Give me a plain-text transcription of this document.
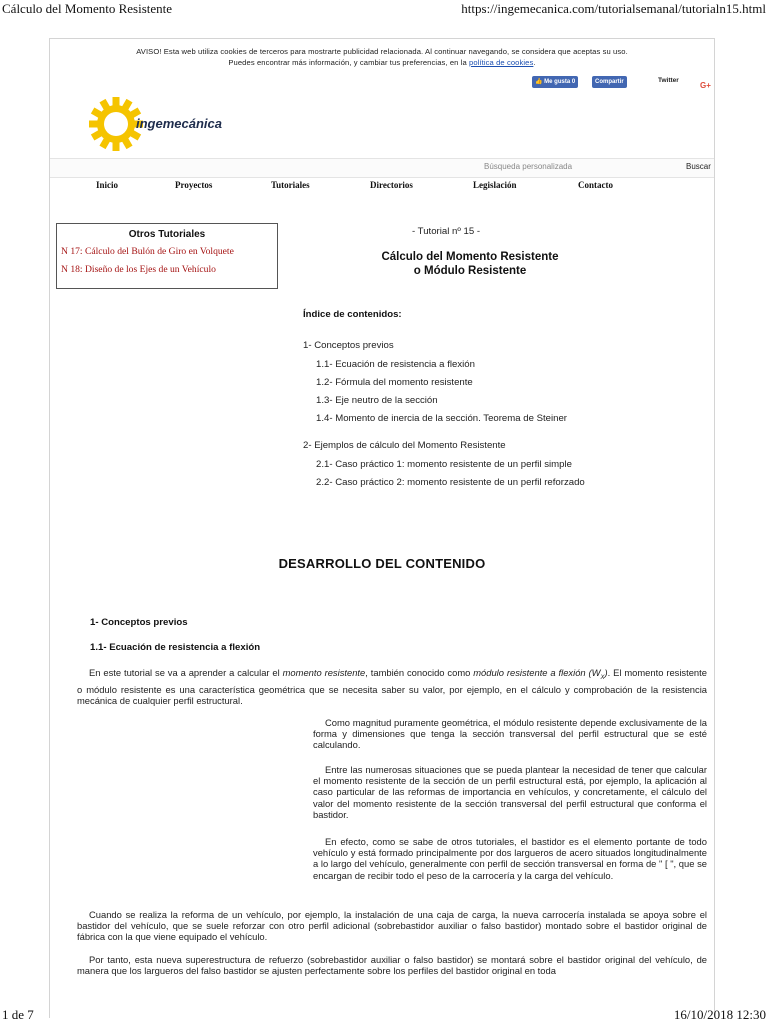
Cálculo del Momento Resistente	https://ingemecanica.com/tutorialsemanal/tutorialn15.html
AVISO! Esta web utiliza cookies de terceros para mostrarte publicidad relacionada. Al continuar navegando, se considera que aceptas su uso.
Puedes encontrar más información, y cambiar tus preferencias, en la política de cookies.
👍 Me gusta 0	Compartir	Twitter
G+
ingemecánica
Búsqueda personalizada	Buscar
Inicio	Proyectos	Tutoriales	Directorios	Legislación	Contacto
Otros Tutoriales
N 17: Cálculo del Bulón de Giro en Volquete
N 18: Diseño de los Ejes de un Vehículo
- Tutorial nº 15 -
Cálculo del Momento Resistente
o Módulo Resistente
Índice de contenidos:
1- Conceptos previos
1.1- Ecuación de resistencia a flexión
1.2- Fórmula del momento resistente
1.3- Eje neutro de la sección
1.4- Momento de inercia de la sección. Teorema de Steiner
2- Ejemplos de cálculo del Momento Resistente
2.1- Caso práctico 1: momento resistente de un perfil simple
2.2- Caso práctico 2: momento resistente de un perfil reforzado
DESARROLLO DEL CONTENIDO
1- Conceptos previos
1.1- Ecuación de resistencia a flexión

En este tutorial se va a aprender a calcular el momento resistente, también conocido como módulo resistente a flexión $(W_X)$. El momento resistente o módulo resistente es una característica geométrica que se necesita saber su valor, por ejemplo, en el cálculo y comprobación de la resistencia mecánica de cualquier perfil estructural.

Como magnitud puramente geométrica, el módulo resistente depende exclusivamente de la forma y dimensiones que tenga la sección transversal del perfil estructural que se esté calculando.

Entre las numerosas situaciones que se pueda plantear la necesidad de tener que calcular el momento resistente de la sección de un perfil estructural está, por ejemplo, la aplicación al caso particular de las reformas de importancia en vehículos, y concretamente, el cálculo del valor del momento resistente de la sección transversal del perfil estructural que conforma el bastidor.

En efecto, como se sabe de otros tutoriales, el bastidor es el elemento portante de todo vehículo y está formado principalmente por dos largueros de acero situados longitudinalmente a lo largo del vehículo, generalmente con perfil de sección transversal en forma de " [ ", que se encargan de recibir todo el peso de la carrocería y la carga del vehículo.

Cuando se realiza la reforma de un vehículo, por ejemplo, la instalación de una caja de carga, la nueva carrocería instalada se apoya sobre el bastidor del vehículo, que se suele reforzar con otro perfil adicional (sobrebastidor auxiliar o falso bastidor) montado sobre el bastidor original de fábrica con la que viene equipado el vehículo.

Por tanto, esta nueva superestructura de refuerzo (sobrebastidor auxiliar o falso bastidor) se montará sobre el bastidor original del vehículo, de manera que los largueros del falso bastidor se ajusten perfectamente sobre los perfiles del bastidor original en toda

1 de 7	16/10/2018 12:30
